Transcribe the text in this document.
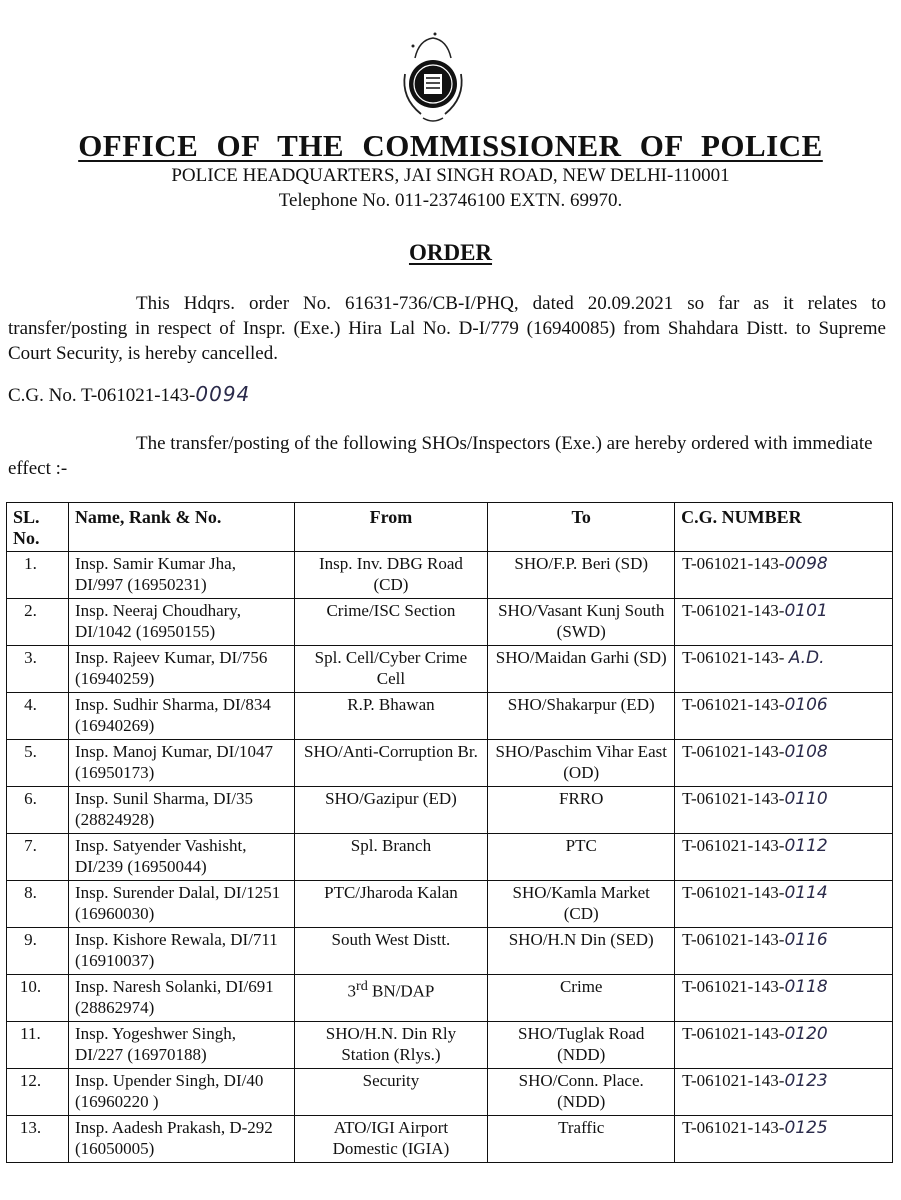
OFFICE OF THE COMMISSIONER OF POLICE
POLICE HEADQUARTERS, JAI SINGH ROAD, NEW DELHI-110001
Telephone No. 011-23746100 EXTN. 69970.
ORDER
This Hdqrs. order No. 61631-736/CB-I/PHQ, dated 20.09.2021 so far as it relates to transfer/posting in respect of Inspr. (Exe.) Hira Lal No. D-I/779 (16940085) from Shahdara Distt. to Supreme Court Security, is hereby cancelled.
C.G. No. T-061021-143-0094
The transfer/posting of the following SHOs/Inspectors (Exe.) are hereby ordered with immediate effect :-
SL. No.	Name, Rank & No.	From	To	C.G. NUMBER
1.	Insp. Samir Kumar Jha, DI/997 (16950231)	Insp. Inv. DBG Road (CD)	SHO/F.P. Beri (SD)	T-061021-143-0098
2.	Insp. Neeraj Choudhary, DI/1042 (16950155)	Crime/ISC Section	SHO/Vasant Kunj South (SWD)	T-061021-143-0101
3.	Insp. Rajeev Kumar, DI/756 (16940259)	Spl. Cell/Cyber Crime Cell	SHO/Maidan Garhi (SD)	T-061021-143- A.D.
4.	Insp. Sudhir Sharma, DI/834 (16940269)	R.P. Bhawan	SHO/Shakarpur (ED)	T-061021-143-0106
5.	Insp. Manoj Kumar, DI/1047 (16950173)	SHO/Anti-Corruption Br.	SHO/Paschim Vihar East (OD)	T-061021-143-0108
6.	Insp. Sunil Sharma, DI/35 (28824928)	SHO/Gazipur (ED)	FRRO	T-061021-143-0110
7.	Insp. Satyender Vashisht, DI/239 (16950044)	Spl. Branch	PTC	T-061021-143-0112
8.	Insp. Surender Dalal, DI/1251 (16960030)	PTC/Jharoda Kalan	SHO/Kamla Market (CD)	T-061021-143-0114
9.	Insp. Kishore Rewala, DI/711 (16910037)	South West Distt.	SHO/H.N Din (SED)	T-061021-143-0116
10.	Insp. Naresh Solanki, DI/691 (28862974)	3rd BN/DAP	Crime	T-061021-143-0118
11.	Insp. Yogeshwer Singh, DI/227 (16970188)	SHO/H.N. Din Rly Station (Rlys.)	SHO/Tuglak Road (NDD)	T-061021-143-0120
12.	Insp. Upender Singh, DI/40 (16960220 )	Security	SHO/Conn. Place. (NDD)	T-061021-143-0123
13.	Insp. Aadesh Prakash, D-292 (16050005)	ATO/IGI Airport Domestic (IGIA)	Traffic	T-061021-143-0125
